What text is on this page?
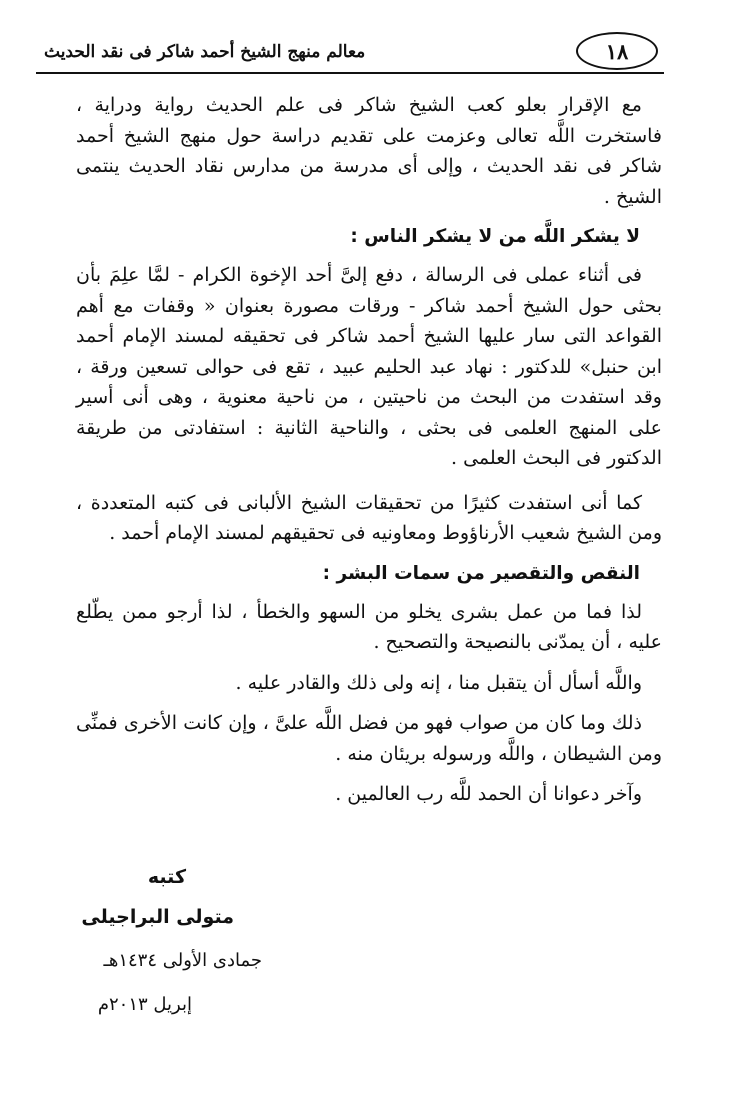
١٨
معالم منهج الشيخ أحمد شاكر فى نقد الحديث

مع الإقرار بعلو كعب الشيخ شاكر فى علم الحديث رواية ودراية ، فاستخرت اللَّه تعالى وعزمت على تقديم دراسة حول منهج الشيخ أحمد شاكر فى نقد الحديث ، وإلى أى مدرسة من مدارس نقاد الحديث ينتمى الشيخ .

لا يشكر اللَّه من لا يشكر الناس :

فى أثناء عملى فى الرسالة ، دفع إلىَّ أحد الإخوة الكرام - لمَّا علِمَ بأن بحثى حول الشيخ أحمد شاكر - ورقات مصورة بعنوان « وقفات مع أهم القواعد التى سار عليها الشيخ أحمد شاكر فى تحقيقه لمسند الإمام أحمد ابن حنبل» للدكتور : نهاد عبد الحليم عبيد ، تقع فى حوالى تسعين ورقة ، وقد استفدت من البحث من ناحيتين ، من ناحية معنوية ، وهى أنى أسير على المنهج العلمى فى بحثى ، والناحية الثانية : استفادتى من طريقة الدكتور فى البحث العلمى .

كما أنى استفدت كثيرًا من تحقيقات الشيخ الألبانى فى كتبه المتعددة ، ومن الشيخ شعيب الأرناؤوط ومعاونيه فى تحقيقهم لمسند الإمام أحمد .

النقص والتقصير من سمات البشر :

لذا فما من عمل بشرى يخلو من السهو والخطأ ، لذا أرجو ممن يطّلع عليه ، أن يمدّنى بالنصيحة والتصحيح .

واللَّه أسأل أن يتقبل منا ، إنه ولى ذلك والقادر عليه .

ذلك وما كان من صواب فهو من فضل اللَّه علىَّ ، وإن كانت الأخرى فمنِّى ومن الشيطان ، واللَّه ورسوله بريئان منه .

وآخر دعوانا أن الحمد للَّه رب العالمين .

كتبه

متولى البراجيلى

جمادى الأولى ١٤٣٤هـ

إبريل ٢٠١٣م
